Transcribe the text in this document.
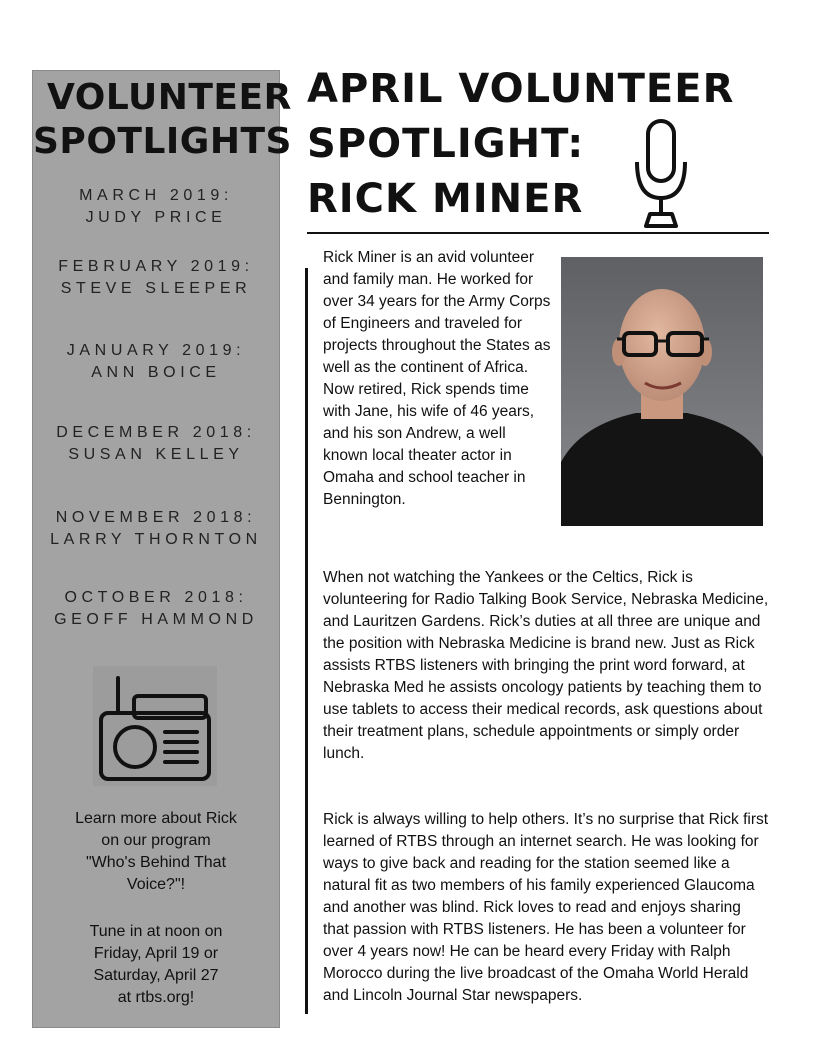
VOLUNTEER
SPOTLIGHTS
MARCH 2019:
JUDY PRICE
FEBRUARY 2019:
STEVE SLEEPER
JANUARY 2019:
ANN BOICE
DECEMBER 2018:
SUSAN KELLEY
NOVEMBER 2018:
LARRY THORNTON
OCTOBER 2018:
GEOFF HAMMOND
Learn more about Rick
on our program
"Who's Behind That
Voice?"!
Tune in at noon on
Friday, April 19 or
Saturday, April 27
at rtbs.org!
APRIL VOLUNTEER
SPOTLIGHT:
RICK MINER

Rick Miner is an avid volunteer and family man. He worked for over 34 years for the Army Corps of Engineers and traveled for projects throughout the States as well as the continent of Africa. Now retired, Rick spends time with Jane, his wife of 46 years, and his son Andrew, a well known local theater actor in Omaha and school teacher in Bennington.

When not watching the Yankees or the Celtics, Rick is volunteering for Radio Talking Book Service, Nebraska Medicine, and Lauritzen Gardens. Rick’s duties at all three are unique and the position with Nebraska Medicine is brand new. Just as Rick assists RTBS listeners with bringing the print word forward, at Nebraska Med he assists oncology patients by teaching them to use tablets to access their medical records, ask questions about their treatment plans, schedule appointments or simply order lunch.

Rick is always willing to help others. It’s no surprise that Rick first learned of RTBS through an internet search. He was looking for ways to give back and reading for the station seemed like a natural fit as two members of his family experienced Glaucoma and another was blind. Rick loves to read and enjoys sharing that passion with RTBS listeners. He has been a volunteer for over 4 years now! He can be heard every Friday with Ralph Morocco during the live broadcast of the Omaha World Herald and Lincoln Journal Star newspapers.
